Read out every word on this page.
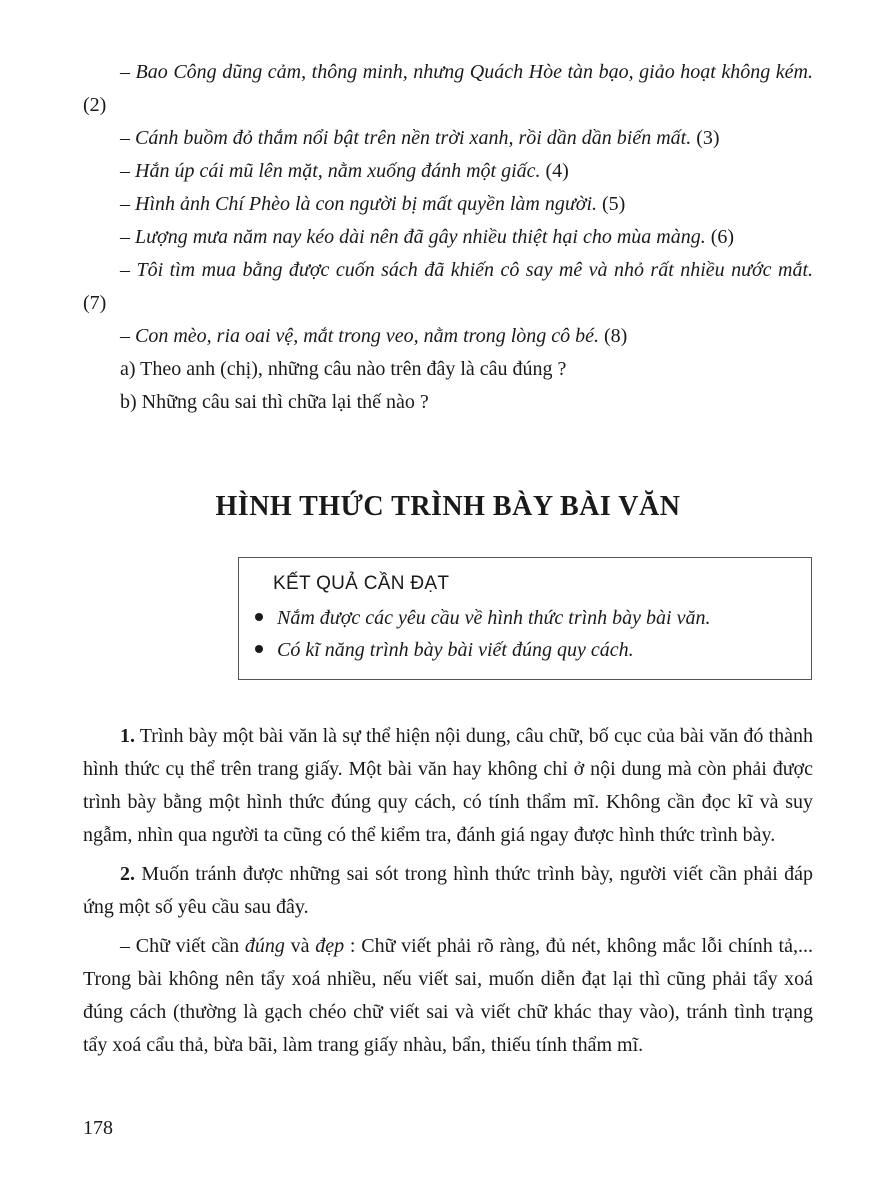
– Bao Công dũng cảm, thông minh, nhưng Quách Hòe tàn bạo, giảo hoạt không kém. (2)

– Cánh buồm đỏ thắm nổi bật trên nền trời xanh, rồi dần dần biến mất. (3)

– Hắn úp cái mũ lên mặt, nằm xuống đánh một giấc. (4)

– Hình ảnh Chí Phèo là con người bị mất quyền làm người. (5)

– Lượng mưa năm nay kéo dài nên đã gây nhiều thiệt hại cho mùa màng. (6)

– Tôi tìm mua bằng được cuốn sách đã khiến cô say mê và nhỏ rất nhiều nước mắt. (7)

– Con mèo, ria oai vệ, mắt trong veo, nằm trong lòng cô bé. (8)

a) Theo anh (chị), những câu nào trên đây là câu đúng ?

b) Những câu sai thì chữa lại thế nào ?

HÌNH THỨC TRÌNH BÀY BÀI VĂN
KẾT QUẢ CẦN ĐẠT
Nắm được các yêu cầu về hình thức trình bày bài văn.
Có kĩ năng trình bày bài viết đúng quy cách.

1. Trình bày một bài văn là sự thể hiện nội dung, câu chữ, bố cục của bài văn đó thành hình thức cụ thể trên trang giấy. Một bài văn hay không chỉ ở nội dung mà còn phải được trình bày bằng một hình thức đúng quy cách, có tính thẩm mĩ. Không cần đọc kĩ và suy ngẫm, nhìn qua người ta cũng có thể kiểm tra, đánh giá ngay được hình thức trình bày.

2. Muốn tránh được những sai sót trong hình thức trình bày, người viết cần phải đáp ứng một số yêu cầu sau đây.

– Chữ viết cần đúng và đẹp : Chữ viết phải rõ ràng, đủ nét, không mắc lỗi chính tả,... Trong bài không nên tẩy xoá nhiều, nếu viết sai, muốn diễn đạt lại thì cũng phải tẩy xoá đúng cách (thường là gạch chéo chữ viết sai và viết chữ khác thay vào), tránh tình trạng tẩy xoá cẩu thả, bừa bãi, làm trang giấy nhàu, bẩn, thiếu tính thẩm mĩ.

178
